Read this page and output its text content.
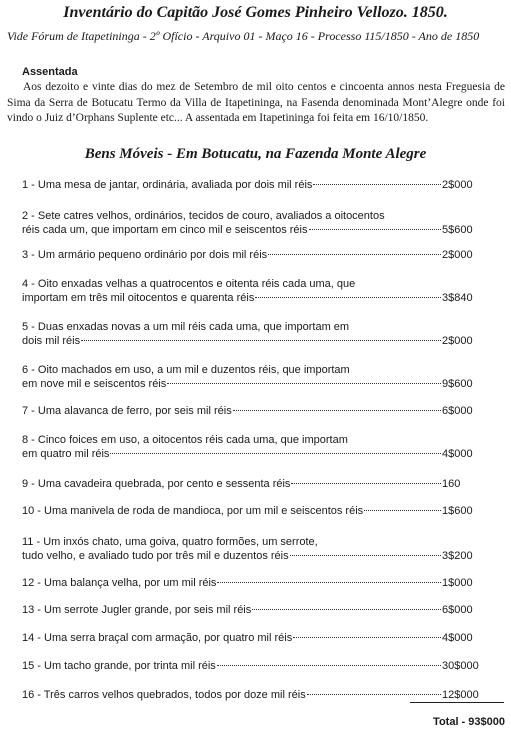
Inventário do Capitão José Gomes Pinheiro Vellozo. 1850.
Vide Fórum de Itapetininga - 2º Ofício - Arquivo 01 - Maço 16 - Processo 115/1850 - Ano de 1850
Assentada
Aos dezoito e vinte dias do mez de Setembro de mil oito centos e cincoenta annos nesta Freguesia de Sima da Serra de Botucatu Termo da Villa de Itapetininga, na Fasenda denominada Mont’Alegre onde foi vindo o Juiz d’Orphans Suplente etc... A assentada em Itapetininga foi feita em 16/10/1850.
Bens Móveis - Em Botucatu, na Fazenda Monte Alegre
1 - Uma mesa de jantar, ordinária, avaliada por dois mil réis	2$000
2 - Sete catres velhos, ordinários, tecidos de couro, avaliados a oitocentos
réis cada um, que importam em cinco mil e seiscentos réis	5$600
3 - Um armário pequeno ordinário por dois mil réis	2$000
4 - Oito enxadas velhas a quatrocentos e oitenta réis cada uma, que
importam em três mil oitocentos e quarenta réis	3$840
5 - Duas enxadas novas a um mil réis cada uma, que importam em
dois mil réis	2$000
6 - Oito machados em uso, a um mil e duzentos réis, que importam
em nove mil e seiscentos réis	9$600
7 - Uma alavanca de ferro, por seis mil réis	6$000
8 - Cinco foices em uso, a oitocentos réis cada uma, que importam
em quatro mil réis	4$000
9 - Uma cavadeira quebrada, por cento e sessenta réis	160
10 - Uma manivela de roda de mandioca, por um mil e seiscentos réis	1$600
11 - Um inxós chato, uma goiva, quatro formões, um serrote,
tudo velho, e avaliado tudo por três mil e duzentos réis	3$200
12 - Uma balança velha, por um mil réis	1$000
13 - Um serrote Jugler grande, por seis mil réis	6$000
14 - Uma serra braçal com armação, por quatro mil réis	4$000
15 - Um tacho grande, por trinta mil réis	30$000
16 - Três carros velhos quebrados, todos por doze mil réis	12$000
Total - 93$000
